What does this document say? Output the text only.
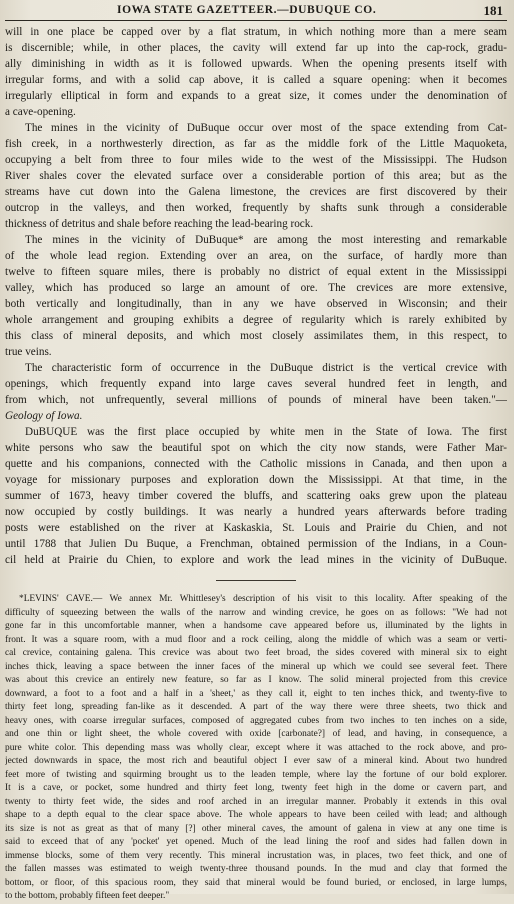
IOWA STATE GAZETTEER.—DUBUQUE CO.	181
will in one place be capped over by a flat stratum, in which nothing more than a mere seam
is discernible; while, in other places, the cavity will extend far up into the cap-rock, gradu-
ally diminishing in width as it is followed upwards. When the opening presents itself with
irregular forms, and with a solid cap above, it is called a square opening: when it becomes
irregularly elliptical in form and expands to a great size, it comes under the denomination of
a cave-opening.
The mines in the vicinity of DuBuque occur over most of the space extending from Cat-
fish creek, in a northwesterly direction, as far as the middle fork of the Little Maquoketa,
occupying a belt from three to four miles wide to the west of the Mississippi. The Hudson
River shales cover the elevated surface over a considerable portion of this area; but as the
streams have cut down into the Galena limestone, the crevices are first discovered by their
outcrop in the valleys, and then worked, frequently by shafts sunk through a considerable
thickness of detritus and shale before reaching the lead-bearing rock.
The mines in the vicinity of DuBuque* are among the most interesting and remarkable
of the whole lead region. Extending over an area, on the surface, of hardly more than
twelve to fifteen square miles, there is probably no district of equal extent in the Mississippi
valley, which has produced so large an amount of ore. The crevices are more extensive,
both vertically and longitudinally, than in any we have observed in Wisconsin; and their
whole arrangement and grouping exhibits a degree of regularity which is rarely exhibited by
this class of mineral deposits, and which most closely assimilates them, in this respect, to
true veins.
The characteristic form of occurrence in the DuBuque district is the vertical crevice with
openings, which frequently expand into large caves several hundred feet in length, and
from which, not unfrequently, several millions of pounds of mineral have been taken."—
Geology of Iowa.
DuBUQUE was the first place occupied by white men in the State of Iowa. The first
white persons who saw the beautiful spot on which the city now stands, were Father Mar-
quette and his companions, connected with the Catholic missions in Canada, and then upon a
voyage for missionary purposes and exploration down the Mississippi. At that time, in the
summer of 1673, heavy timber covered the bluffs, and scattering oaks grew upon the plateau
now occupied by costly buildings. It was nearly a hundred years afterwards before trading
posts were established on the river at Kaskaskia, St. Louis and Prairie du Chien, and not
until 1788 that Julien Du Buque, a Frenchman, obtained permission of the Indians, in a Coun-
cil held at Prairie du Chien, to explore and work the lead mines in the vicinity of DuBuque.
*LEVINS' CAVE.— We annex Mr. Whittlesey's description of his visit to this locality. After speaking of the
difficulty of squeezing between the walls of the narrow and winding crevice, he goes on as follows: "We had not
gone far in this uncomfortable manner, when a handsome cave appeared before us, illuminated by the lights in
front. It was a square room, with a mud floor and a rock ceiling, along the middle of which was a seam or verti-
cal crevice, containing galena. This crevice was about two feet broad, the sides covered with mineral six to eight
inches thick, leaving a space between the inner faces of the mineral up which we could see several feet. There
was about this crevice an entirely new feature, so far as I know. The solid mineral projected from this crevice
downward, a foot to a foot and a half in a 'sheet,' as they call it, eight to ten inches thick, and twenty-five to
thirty feet long, spreading fan-like as it descended. A part of the way there were three sheets, two thick and
heavy ones, with coarse irregular surfaces, composed of aggregated cubes from two inches to ten inches on a side,
and one thin or light sheet, the whole covered with oxide [carbonate?] of lead, and having, in consequence, a
pure white color. This depending mass was wholly clear, except where it was attached to the rock above, and pro-
jected downwards in space, the most rich and beautiful object I ever saw of a mineral kind. About two hundred
feet more of twisting and squirming brought us to the leaden temple, where lay the fortune of our bold explorer.
It is a cave, or pocket, some hundred and thirty feet long, twenty feet high in the dome or cavern part, and
twenty to thirty feet wide, the sides and roof arched in an irregular manner. Probably it extends in this oval
shape to a depth equal to the clear space above. The whole appears to have been ceiled with lead; and although
its size is not as great as that of many [?] other mineral caves, the amount of galena in view at any one time is
said to exceed that of any 'pocket' yet opened. Much of the lead lining the roof and sides had fallen down in
immense blocks, some of them very recently. This mineral incrustation was, in places, two feet thick, and one of
the fallen masses was estimated to weigh twenty-three thousand pounds. In the mud and clay that formed the
bottom, or floor, of this spacious room, they said that mineral would be found buried, or enclosed, in large lumps,
to the bottom, probably fifteen feet deeper."
